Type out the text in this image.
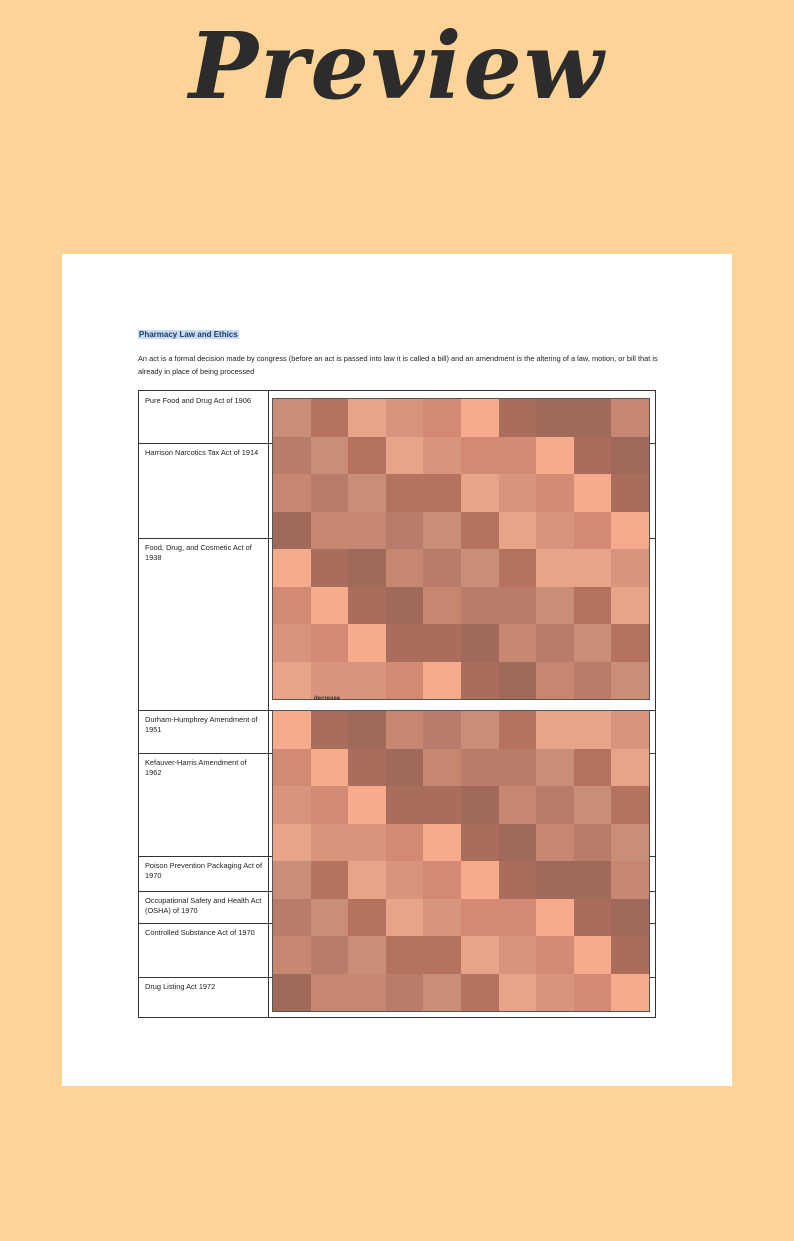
Preview
Pharmacy Law and Ethics
An act is a formal decision made by congress (before an act is passed into law it is called a bill) and an amendment is the altering of a law, motion, or bill that is already in place of being processed
Pure Food and Drug Act of 1906
Harrison Narcotics Tax Act of 1914
Food, Drug, and Cosmetic Act of 1938
Durham-Humphrey Amendment of 1951
Kefauver-Harris Amendment of 1962
Poison Prevention Packaging Act of 1970
Occupational Safety and Health Act (OSHA) of 1970
Controlled Substance Act of 1970
Drug Listing Act 1972
decrease
